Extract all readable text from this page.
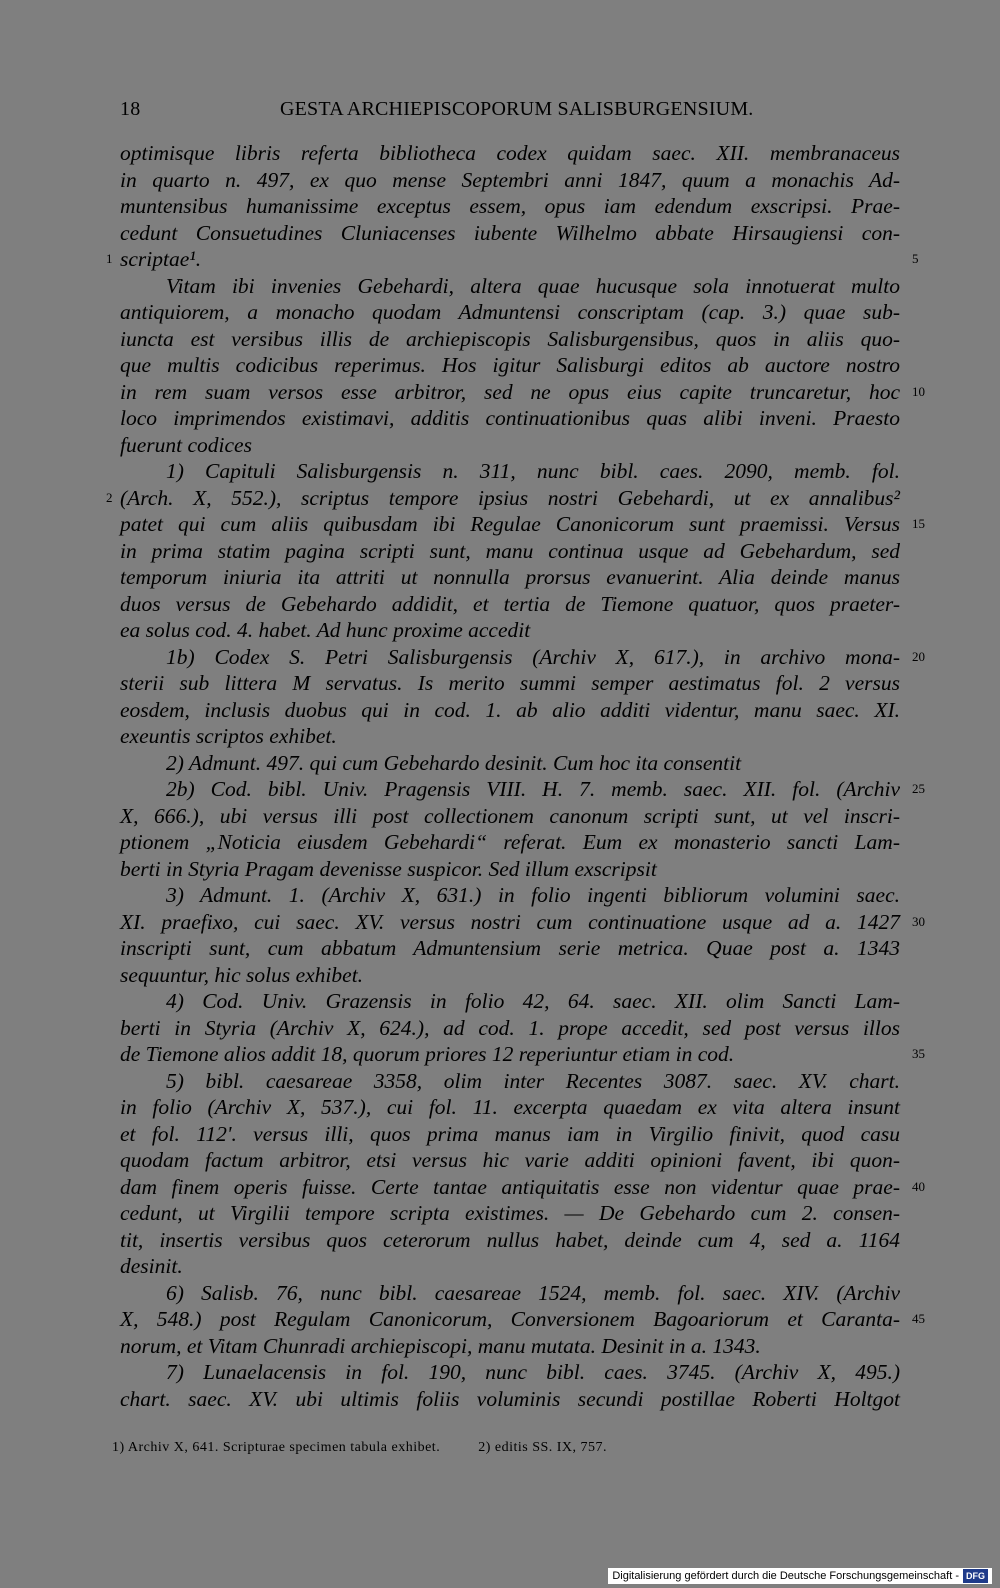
18	GESTA ARCHIEPISCOPORUM SALISBURGENSIUM.
optimisque libris referta bibliotheca codex quidam saec. XII. membranaceus
in quarto n. 497, ex quo mense Septembri anni 1847, quum a monachis Ad-
muntensibus humanissime exceptus essem, opus iam edendum exscripsi. Prae-
cedunt Consuetudines Cluniacenses iubente Wilhelmo abbate Hirsaugiensi con-
scriptae¹.
1	5
Vitam ibi invenies Gebehardi, altera quae hucusque sola innotuerat multo
antiquiorem, a monacho quodam Admuntensi conscriptam (cap. 3.) quae sub-
iuncta est versibus illis de archiepiscopis Salisburgensibus, quos in aliis quo-
que multis codicibus reperimus. Hos igitur Salisburgi editos ab auctore nostro
in rem suam versos esse arbitror, sed ne opus eius capite truncaretur, hoc 10
loco imprimendos existimavi, additis continuationibus quas alibi inveni. Praesto
fuerunt codices
1) Capituli Salisburgensis n. 311, nunc bibl. caes. 2090, memb. fol.
(Arch. X, 552.), scriptus tempore ipsius nostri Gebehardi, ut ex annalibus²
2
patet qui cum aliis quibusdam ibi Regulae Canonicorum sunt praemissi. Versus 15
in prima statim pagina scripti sunt, manu continua usque ad Gebehardum, sed
temporum iniuria ita attriti ut nonnulla prorsus evanuerint. Alia deinde manus
duos versus de Gebehardo addidit, et tertia de Tiemone quatuor, quos praeter-
ea solus cod. 4. habet. Ad hunc proxime accedit
1b) Codex S. Petri Salisburgensis (Archiv X, 617.), in archivo mona- 20
sterii sub littera M servatus. Is merito summi semper aestimatus fol. 2 versus
eosdem, inclusis duobus qui in cod. 1. ab alio additi videntur, manu saec. XI.
exeuntis scriptos exhibet.
2) Admunt. 497. qui cum Gebehardo desinit. Cum hoc ita consentit
2b) Cod. bibl. Univ. Pragensis VIII. H. 7. memb. saec. XII. fol. (Archiv 25
X, 666.), ubi versus illi post collectionem canonum scripti sunt, ut vel inscri-
ptionem „Noticia eiusdem Gebehardi“ referat. Eum ex monasterio sancti Lam-
berti in Styria Pragam devenisse suspicor. Sed illum exscripsit
3) Admunt. 1. (Archiv X, 631.) in folio ingenti bibliorum volumini saec.
XI. praefixo, cui saec. XV. versus nostri cum continuatione usque ad a. 1427 30
inscripti sunt, cum abbatum Admuntensium serie metrica. Quae post a. 1343
sequuntur, hic solus exhibet.
4) Cod. Univ. Grazensis in folio 42, 64. saec. XII. olim Sancti Lam-
berti in Styria (Archiv X, 624.), ad cod. 1. prope accedit, sed post versus illos
de Tiemone alios addit 18, quorum priores 12 reperiuntur etiam in cod.	35
5) bibl. caesareae 3358, olim inter Recentes 3087. saec. XV. chart.
in folio (Archiv X, 537.), cui fol. 11. excerpta quaedam ex vita altera insunt
et fol. 112'. versus illi, quos prima manus iam in Virgilio finivit, quod casu
quodam factum arbitror, etsi versus hic varie additi opinioni favent, ibi quon-
dam finem operis fuisse. Certe tantae antiquitatis esse non videntur quae prae- 40
cedunt, ut Virgilii tempore scripta existimes. — De Gebehardo cum 2. consen-
tit, insertis versibus quos ceterorum nullus habet, deinde cum 4, sed a. 1164
desinit.
6) Salisb. 76, nunc bibl. caesareae 1524, memb. fol. saec. XIV. (Archiv
X, 548.) post Regulam Canonicorum, Conversionem Bagoariorum et Caranta- 45
norum, et Vitam Chunradi archiepiscopi, manu mutata. Desinit in a. 1343.
7) Lunaelacensis in fol. 190, nunc bibl. caes. 3745. (Archiv X, 495.)
chart. saec. XV. ubi ultimis foliis voluminis secundi postillae Roberti Holtgot
1) Archiv X, 641. Scripturae specimen tabula exhibet.	2) editis SS. IX, 757.
Digitalisierung gefördert durch die Deutsche Forschungsgemeinschaft - DFG
